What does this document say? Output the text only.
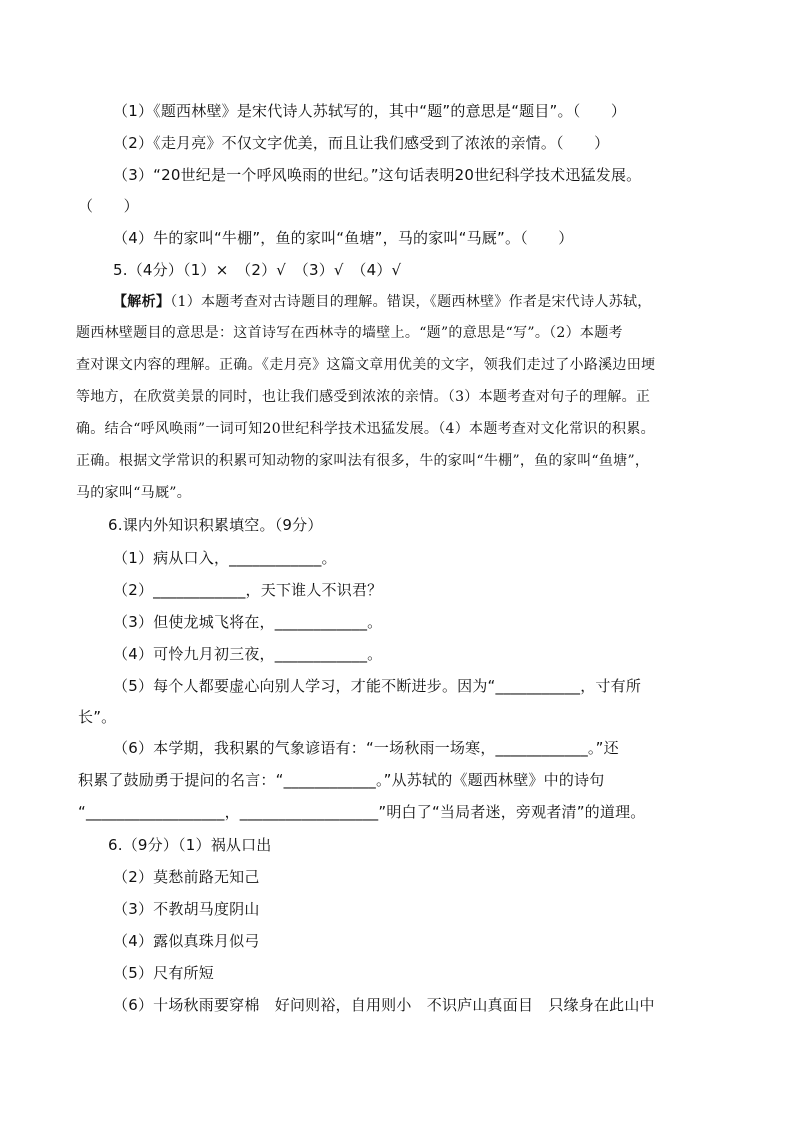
（1）《题西林壁》是宋代诗人苏轼写的，其中“题”的意思是“题目”。（　　）
（2）《走月亮》不仅文字优美，而且让我们感受到了浓浓的亲情。（　　）
（3）“20世纪是一个呼风唤雨的世纪。”这句话表明20世纪科学技术迅猛发展。
（　　）
（4）牛的家叫“牛棚”，鱼的家叫“鱼塘”，马的家叫“马厩”。（　　）
5.（4分）（1）×　（2）√　（3）√　（4）√
【解析】（1）本题考查对古诗题目的理解。错误，《题西林壁》作者是宋代诗人苏轼，
题西林壁题目的意思是：这首诗写在西林寺的墙壁上。“题”的意思是“写”。（2）本题考
查对课文内容的理解。正确。《走月亮》这篇文章用优美的文字，领我们走过了小路溪边田埂
等地方，在欣赏美景的同时，也让我们感受到浓浓的亲情。（3）本题考查对句子的理解。正
确。结合“呼风唤雨”一词可知20世纪科学技术迅猛发展。（4）本题考查对文化常识的积累。
正确。根据文学常识的积累可知动物的家叫法有很多，牛的家叫“牛棚”，鱼的家叫“鱼塘”，
马的家叫“马厩”。
6.课内外知识积累填空。（9分）
（1）病从口入，____________。
（2）____________，天下谁人不识君？
（3）但使龙城飞将在，____________。
（4）可怜九月初三夜，____________。
（5）每个人都要虚心向别人学习，才能不断进步。因为“___________，寸有所
长”。
（6）本学期，我积累的气象谚语有：“一场秋雨一场寒，____________。”还
积累了鼓励勇于提问的名言：“____________。”从苏轼的《题西林壁》中的诗句
“__________________，__________________”明白了“当局者迷，旁观者清”的道理。
6.（9分）（1）祸从口出
（2）莫愁前路无知己
（3）不教胡马度阴山
（4）露似真珠月似弓
（5）尺有所短
（6）十场秋雨要穿棉　好问则裕，自用则小　不识庐山真面目　只缘身在此山中
